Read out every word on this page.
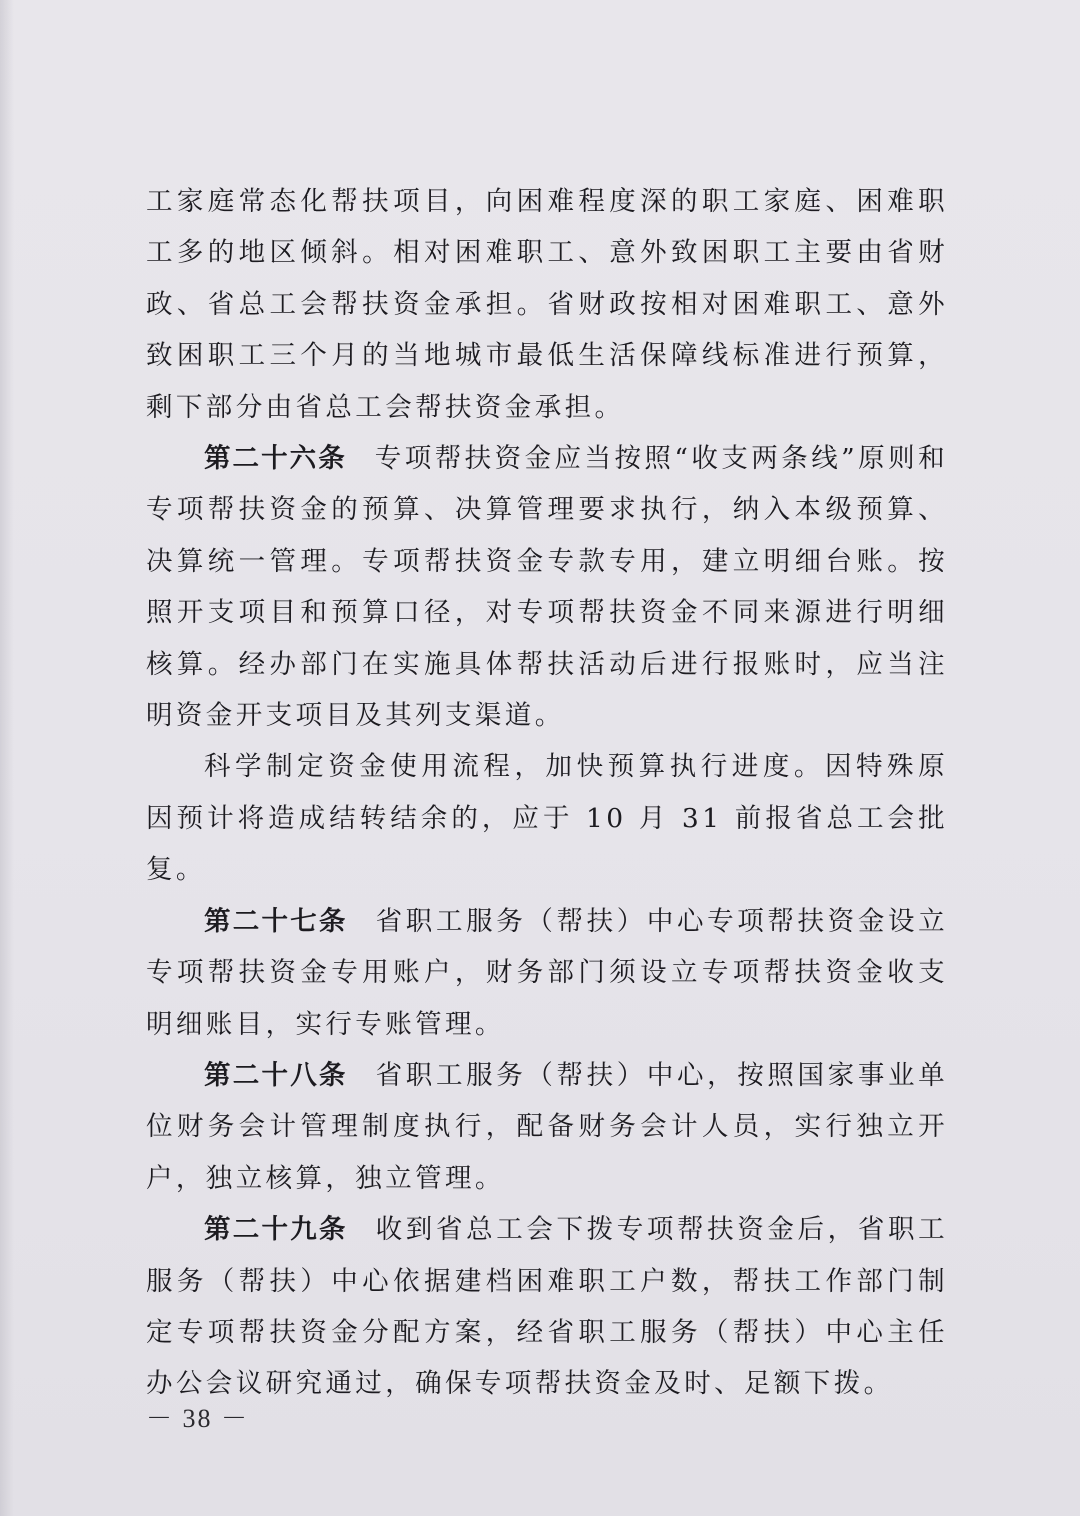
工家庭常态化帮扶项目，向困难程度深的职工家庭、困难职工多的地区倾斜。相对困难职工、意外致困职工主要由省财政、省总工会帮扶资金承担。省财政按相对困难职工、意外致困职工三个月的当地城市最低生活保障线标准进行预算，剩下部分由省总工会帮扶资金承担。

第二十六条 专项帮扶资金应当按照“收支两条线”原则和专项帮扶资金的预算、决算管理要求执行，纳入本级预算、决算统一管理。专项帮扶资金专款专用，建立明细台账。按照开支项目和预算口径，对专项帮扶资金不同来源进行明细核算。经办部门在实施具体帮扶活动后进行报账时，应当注明资金开支项目及其列支渠道。

科学制定资金使用流程，加快预算执行进度。因特殊原因预计将造成结转结余的，应于 10 月 31 前报省总工会批复。

第二十七条 省职工服务（帮扶）中心专项帮扶资金设立专项帮扶资金专用账户，财务部门须设立专项帮扶资金收支明细账目，实行专账管理。

第二十八条 省职工服务（帮扶）中心，按照国家事业单位财务会计管理制度执行，配备财务会计人员，实行独立开户，独立核算，独立管理。

第二十九条 收到省总工会下拨专项帮扶资金后，省职工服务（帮扶）中心依据建档困难职工户数，帮扶工作部门制定专项帮扶资金分配方案，经省职工服务（帮扶）中心主任办公会议研究通过，确保专项帮扶资金及时、足额下拨。

－ 38 －
